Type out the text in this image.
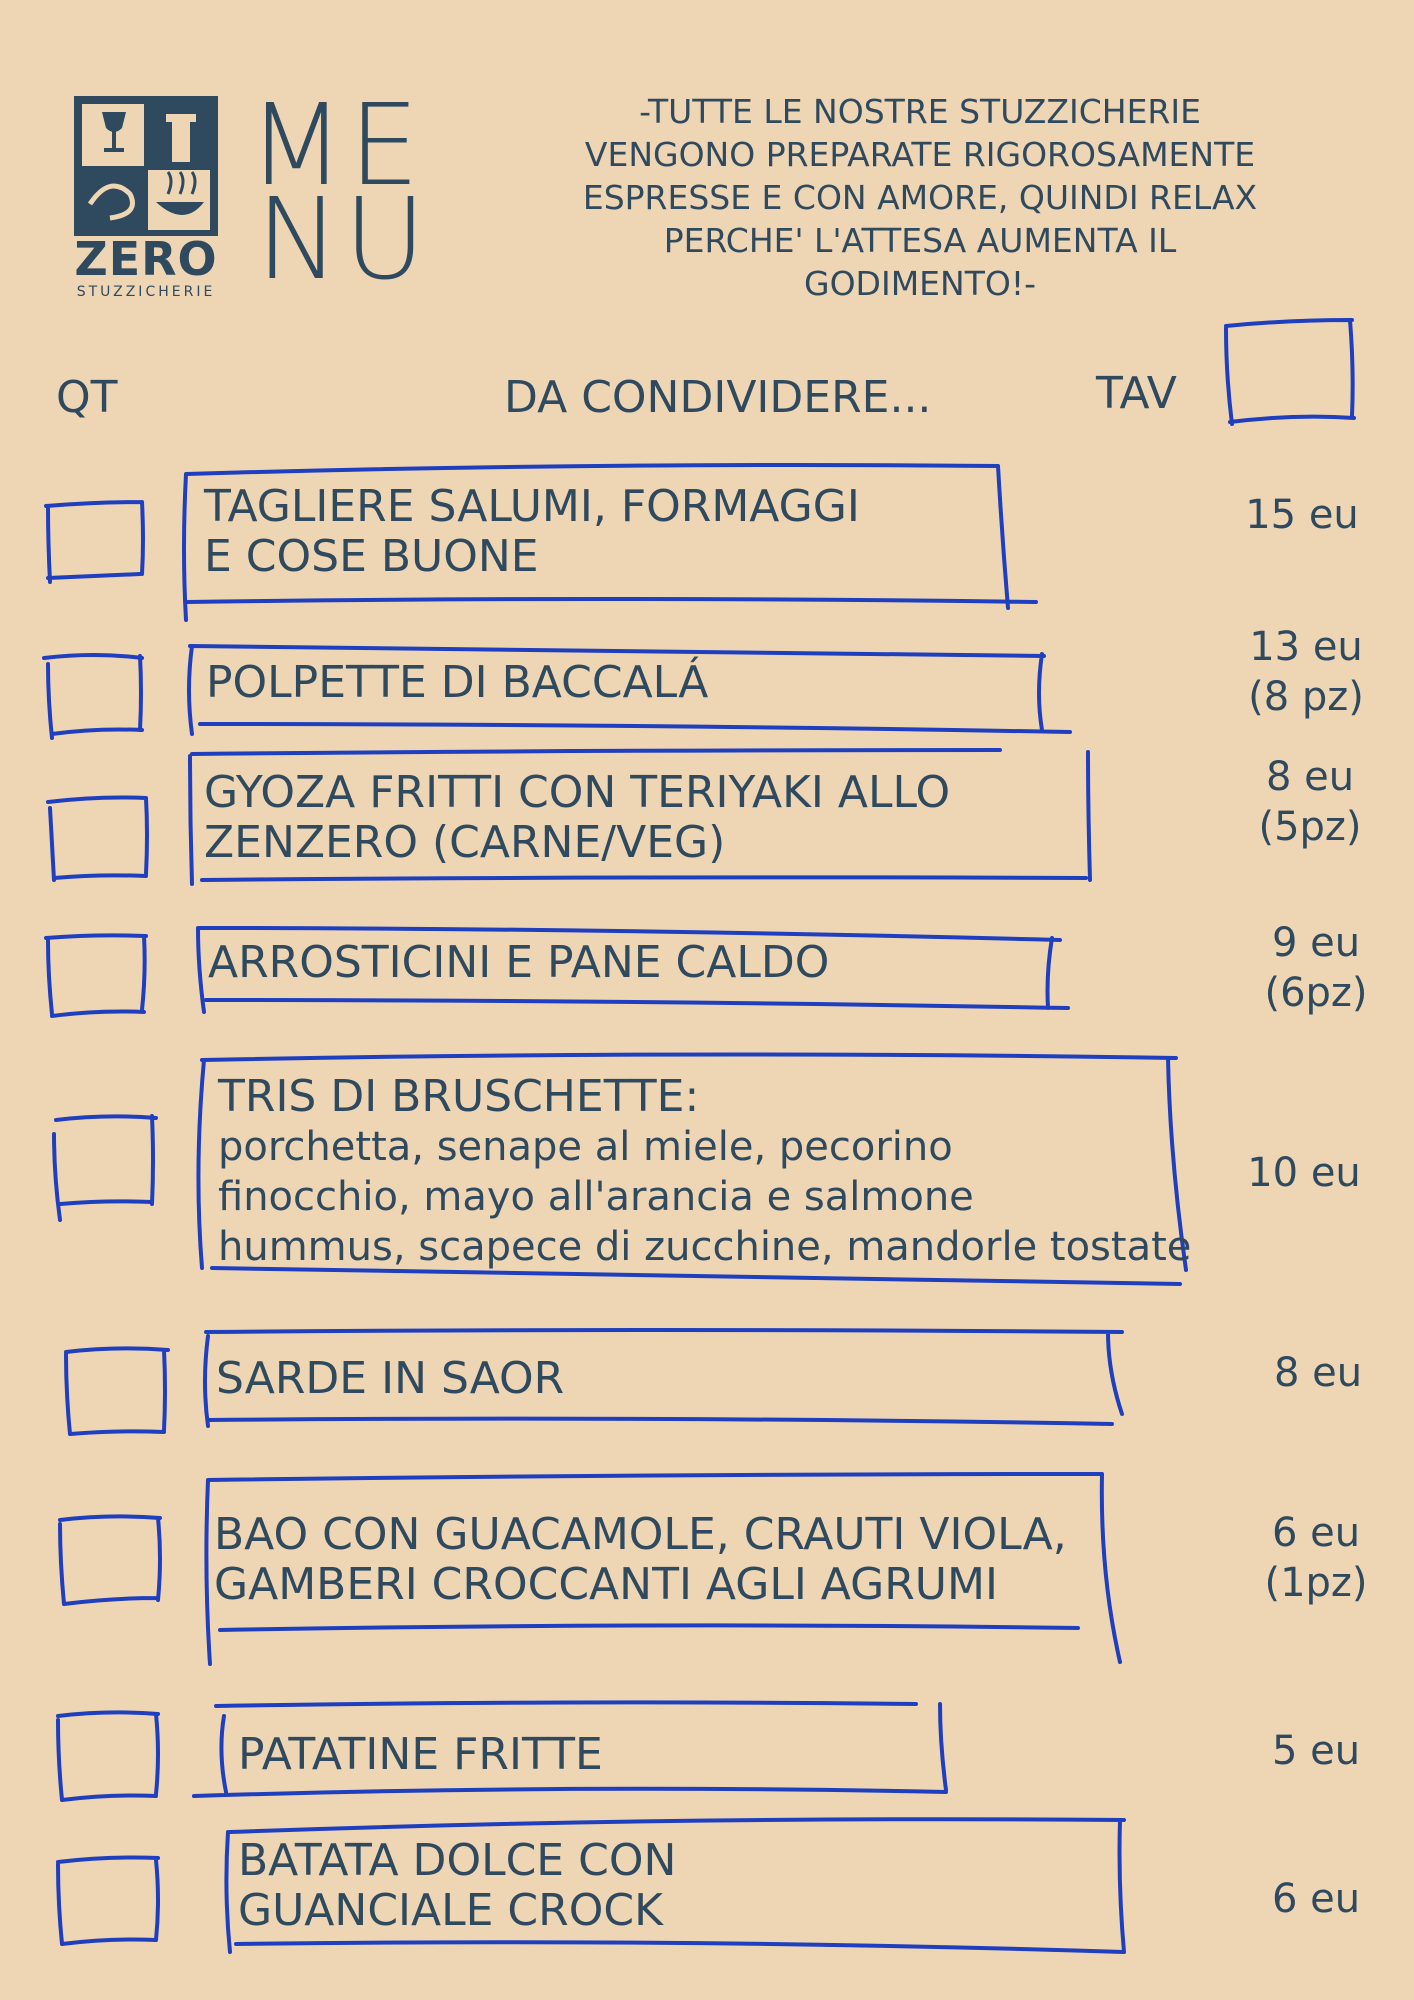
ZERO
STUZZICHERIE
ME
NU
-TUTTE LE NOSTRE STUZZICHERIE
VENGONO PREPARATE RIGOROSAMENTE
ESPRESSE E CON AMORE, QUINDI RELAX
PERCHE' L'ATTESA AUMENTA IL
GODIMENTO!-
QT	DA CONDIVIDERE...	TAV
TAGLIERE SALUMI, FORMAGGI
E COSE BUONE
15 eu
POLPETTE DI BACCALÁ
13 eu
(8 pz)
GYOZA FRITTI CON TERIYAKI ALLO
ZENZERO (CARNE/VEG)
8 eu
(5pz)
ARROSTICINI E PANE CALDO	9 eu
(6pz)
TRIS DI BRUSCHETTE:
porchetta, senape al miele, pecorino
finocchio, mayo all'arancia e salmone
hummus, scapece di zucchine, mandorle tostate
10 eu
SARDE IN SAOR	8 eu
BAO CON GUACAMOLE, CRAUTI VIOLA,
GAMBERI CROCCANTI AGLI AGRUMI
6 eu
(1pz)
PATATINE FRITTE	5 eu
BATATA DOLCE CON
GUANCIALE CROCK	6 eu
